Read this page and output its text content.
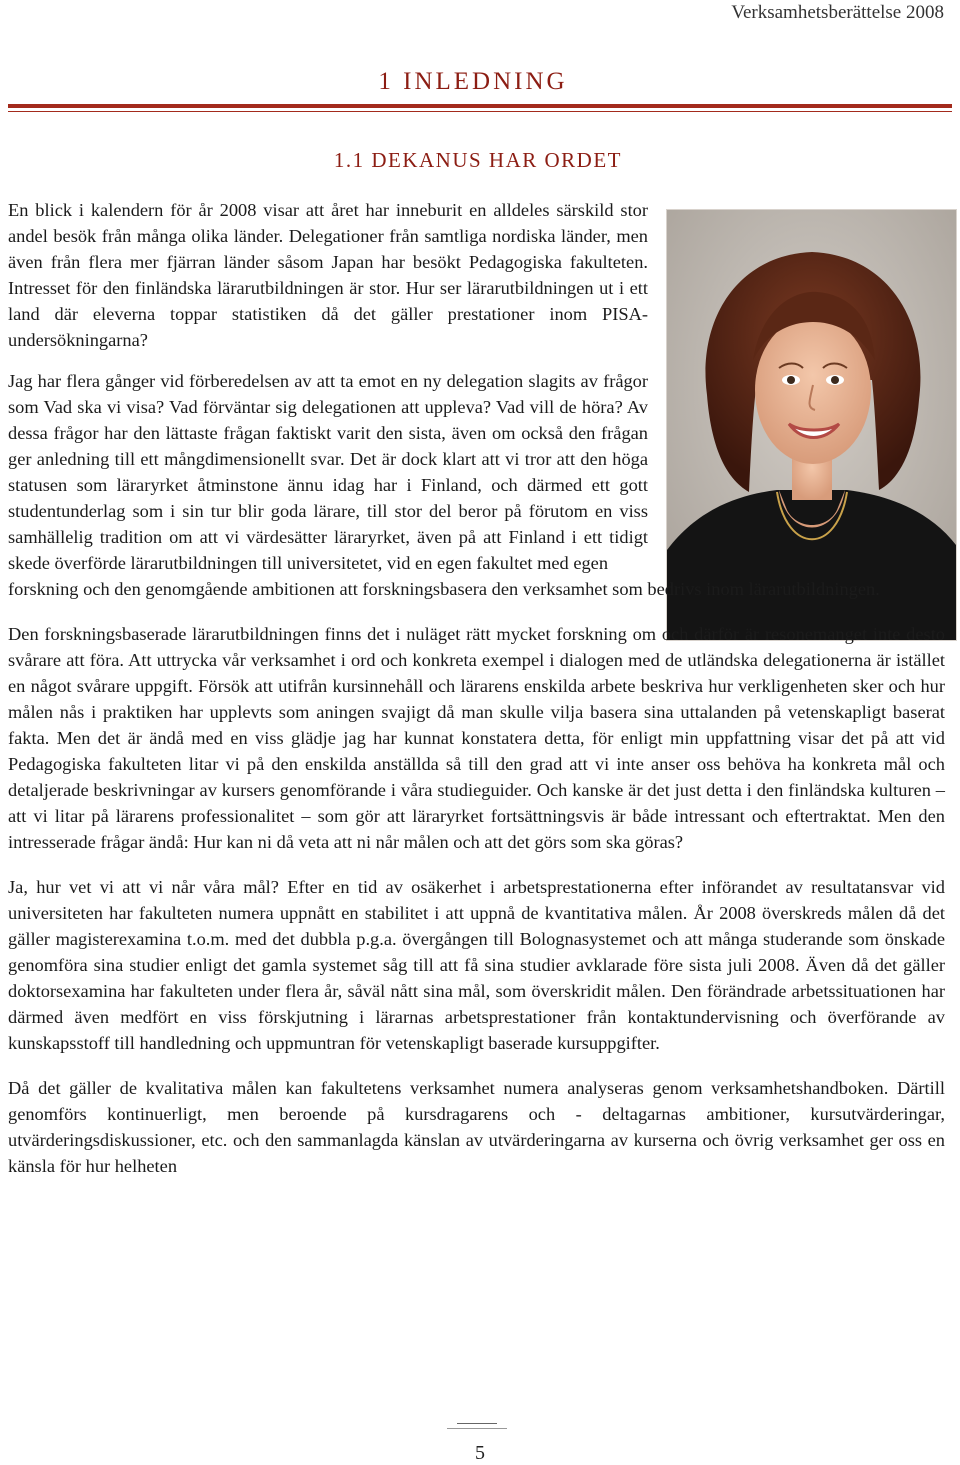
Verksamhetsberättelse 2008
1 INLEDNING
1.1 DEKANUS HAR ORDET

En blick i kalendern för år 2008 visar att året har inneburit en alldeles särskild stor andel besök från många olika länder. Delegationer från samtliga nordiska länder, men även från flera mer fjärran länder såsom Japan har besökt Pedagogiska fakulteten. Intresset för den finländska lärarutbildningen är stor. Hur ser lärarutbildningen ut i ett land där eleverna toppar statistiken då det gäller prestationer inom PISA-undersökningarna?

Jag har flera gånger vid förberedelsen av att ta emot en ny delegation slagits av frågor som Vad ska vi visa? Vad förväntar sig delegationen att uppleva? Vad vill de höra? Av dessa frågor har den lättaste frågan faktiskt varit den sista, även om också den frågan ger anledning till ett mångdimensionellt svar. Det är dock klart att vi tror att den höga statusen som läraryrket åtminstone ännu idag har i Finland, och därmed ett gott studentunderlag som i sin tur blir goda lärare, till stor del beror på förutom en viss samhällelig tradition om att vi värdesätter läraryrket, även på att Finland i ett tidigt skede överförde lärarutbildningen till universitetet, vid en egen fakultet med egen
forskning och den genomgående ambitionen att forskningsbasera den verksamhet som bedrivs inom lärarutbildningen.

Den forskningsbaserade lärarutbildningen finns det i nuläget rätt mycket forskning om och därför är resonemanget inte desto svårare att föra. Att uttrycka vår verksamhet i ord och konkreta exempel i dialogen med de utländska delegationerna är istället en något svårare uppgift. Försök att utifrån kursinnehåll och lärarens enskilda arbete beskriva hur verkligenheten sker och hur målen nås i praktiken har upplevts som aningen svajigt då man skulle vilja basera sina uttalanden på vetenskapligt baserat fakta. Men det är ändå med en viss glädje jag har kunnat konstatera detta, för enligt min uppfattning visar det på att vid Pedagogiska fakulteten litar vi på den enskilda anställda så till den grad att vi inte anser oss behöva ha konkreta mål och detaljerade beskrivningar av kursers genomförande i våra studieguider. Och kanske är det just detta i den finländska kulturen – att vi litar på lärarens professionalitet – som gör att läraryrket fortsättningsvis är både intressant och eftertraktat. Men den intresserade frågar ändå: Hur kan ni då veta att ni når målen och att det görs som ska göras?

Ja, hur vet vi att vi når våra mål? Efter en tid av osäkerhet i arbetsprestationerna efter införandet av resultatansvar vid universiteten har fakulteten numera uppnått en stabilitet i att uppnå de kvantitativa målen. År 2008 överskreds målen då det gäller magisterexamina t.o.m. med det dubbla p.g.a. övergången till Bolognasystemet och att många studerande som önskade genomföra sina studier enligt det gamla systemet såg till att få sina studier avklarade före sista juli 2008. Även då det gäller doktorsexamina har fakulteten under flera år, såväl nått sina mål, som överskridit målen. Den förändrade arbetssituationen har därmed även medfört en viss förskjutning i lärarnas arbetsprestationer från kontaktundervisning och överförande av kunskapsstoff till handledning och uppmuntran för vetenskapligt baserade kursuppgifter.

Då det gäller de kvalitativa målen kan fakultetens verksamhet numera analyseras genom verksamhetshandboken. Därtill genomförs kontinuerligt, men beroende på kursdragarens och - deltagarnas ambitioner, kursutvärderingar, utvärderingsdiskussioner, etc. och den sammanlagda känslan av utvärderingarna av kurserna och övrig verksamhet ger oss en känsla för hur helheten

5
